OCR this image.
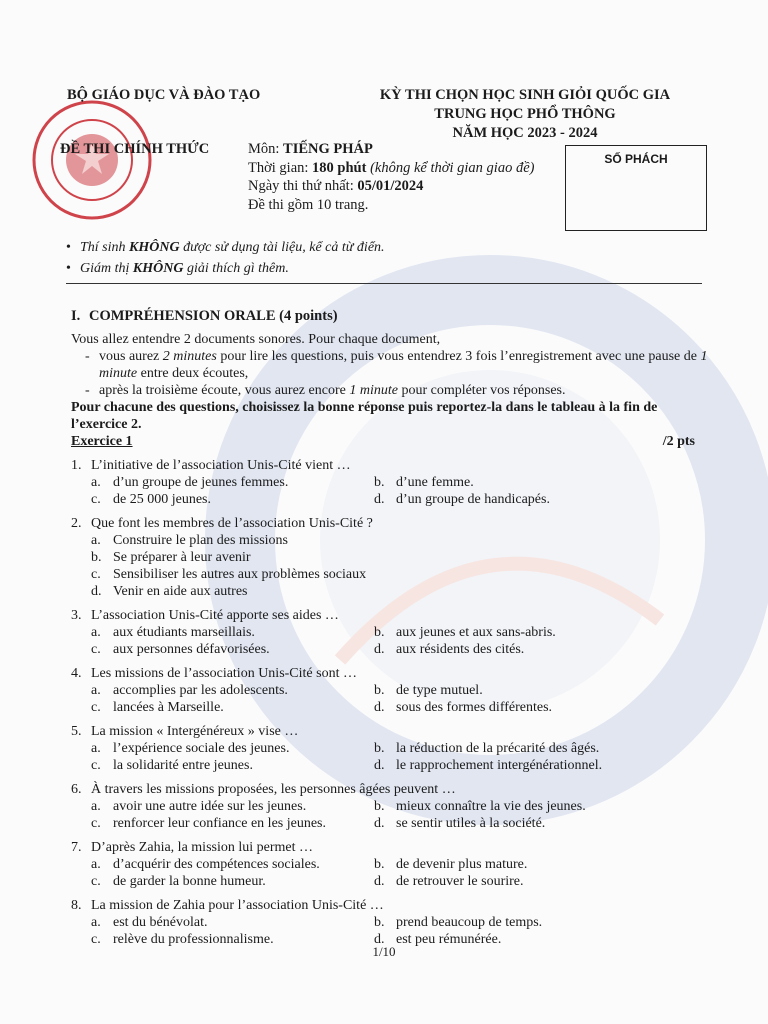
BỘ GIÁO DỤC VÀ ĐÀO TẠO
ĐỀ THI CHÍNH THỨC
KỲ THI CHỌN HỌC SINH GIỎI QUỐC GIA
TRUNG HỌC PHỔ THÔNG
NĂM HỌC 2023 - 2024
Môn: TIẾNG PHÁP
Thời gian: 180 phút (không kể thời gian giao đề)
Ngày thi thứ nhất: 05/01/2024
Đề thi gồm 10 trang.
SỐ PHÁCH
• Thí sinh KHÔNG được sử dụng tài liệu, kể cả từ điển.
• Giám thị KHÔNG giải thích gì thêm.
I. COMPRÉHENSION ORALE (4 points)
Vous allez entendre 2 documents sonores. Pour chaque document,
- vous aurez 2 minutes pour lire les questions, puis vous entendrez 3 fois l’enregistrement avec une pause de 1 minute entre deux écoutes,
- après la troisième écoute, vous aurez encore 1 minute pour compléter vos réponses.
Pour chacune des questions, choisissez la bonne réponse puis reportez-la dans le tableau à la fin de l’exercice 2.
Exercice 1	/2 pts
1. L’initiative de l’association Unis-Cité vient …
a. d’un groupe de jeunes femmes.	b. d’une femme.
c. de 25 000 jeunes.	d. d’un groupe de handicapés.
2. Que font les membres de l’association Unis-Cité ?
a. Construire le plan des missions
b. Se préparer à leur avenir
c. Sensibiliser les autres aux problèmes sociaux
d. Venir en aide aux autres
3. L’association Unis-Cité apporte ses aides …
a. aux étudiants marseillais.	b. aux jeunes et aux sans-abris.
c. aux personnes défavorisées.	d. aux résidents des cités.
4. Les missions de l’association Unis-Cité sont …
a. accomplies par les adolescents.	b. de type mutuel.
c. lancées à Marseille.	d. sous des formes différentes.
5. La mission « Intergénéreux » vise …
a. l’expérience sociale des jeunes.	b. la réduction de la précarité des âgés.
c. la solidarité entre jeunes.	d. le rapprochement intergénérationnel.
6. À travers les missions proposées, les personnes âgées peuvent …
a. avoir une autre idée sur les jeunes.	b. mieux connaître la vie des jeunes.
c. renforcer leur confiance en les jeunes.	d. se sentir utiles à la société.
7. D’après Zahia, la mission lui permet …
a. d’acquérir des compétences sociales.	b. de devenir plus mature.
c. de garder la bonne humeur.	d. de retrouver le sourire.
8. La mission de Zahia pour l’association Unis-Cité …
a. est du bénévolat.	b. prend beaucoup de temps.
c. relève du professionnalisme.	d. est peu rémunérée.
1/10
